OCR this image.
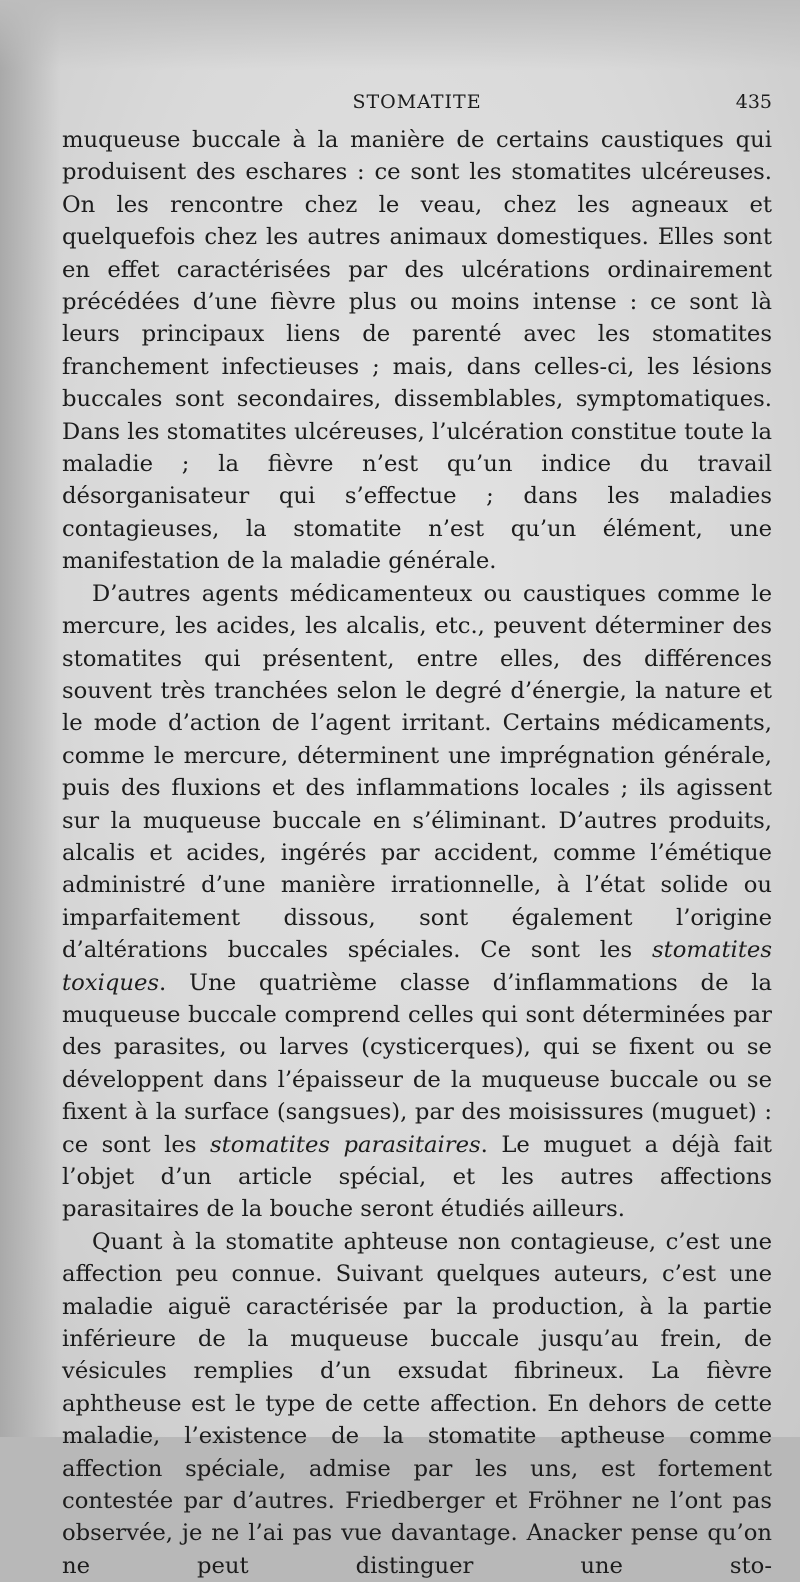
STOMATITE	435

muqueuse buccale à la manière de certains caustiques qui produisent des eschares : ce sont les stomatites ulcéreuses. On les rencontre chez le veau, chez les agneaux et quelquefois chez les autres animaux domestiques. Elles sont en effet caractérisées par des ulcérations ordinairement précédées d’une fièvre plus ou moins intense : ce sont là leurs principaux liens de parenté avec les stomatites franchement infectieuses ; mais, dans celles-ci, les lésions buccales sont secondaires, dissemblables, symptomatiques. Dans les stomatites ulcéreuses, l’ulcération constitue toute la maladie ; la fièvre n’est qu’un indice du travail désorganisateur qui s’effectue ; dans les maladies contagieuses, la stomatite n’est qu’un élément, une manifestation de la maladie générale.

D’autres agents médicamenteux ou caustiques comme le mercure, les acides, les alcalis, etc., peuvent déterminer des stomatites qui présentent, entre elles, des différences souvent très tranchées selon le degré d’énergie, la nature et le mode d’action de l’agent irritant. Certains médicaments, comme le mercure, déterminent une imprégnation générale, puis des fluxions et des inflammations locales ; ils agissent sur la muqueuse buccale en s’éliminant. D’autres produits, alcalis et acides, ingérés par accident, comme l’émétique administré d’une manière irrationnelle, à l’état solide ou imparfaitement dissous, sont également l’origine d’altérations buccales spéciales. Ce sont les stomatites toxiques. Une quatrième classe d’inflammations de la muqueuse buccale comprend celles qui sont déterminées par des parasites, ou larves (cysticerques), qui se fixent ou se développent dans l’épaisseur de la muqueuse buccale ou se fixent à la surface (sangsues), par des moisissures (muguet) : ce sont les stomatites parasitaires. Le muguet a déjà fait l’objet d’un article spécial, et les autres affections parasitaires de la bouche seront étudiés ailleurs.

Quant à la stomatite aphteuse non contagieuse, c’est une affection peu connue. Suivant quelques auteurs, c’est une maladie aiguë caractérisée par la production, à la partie inférieure de la muqueuse buccale jusqu’au frein, de vésicules remplies d’un exsudat fibrineux. La fièvre aphtheuse est le type de cette affection. En dehors de cette maladie, l’existence de la stomatite aptheuse comme affection spéciale, admise par les uns, est fortement contestée par d’autres. Friedberger et Fröhner ne l’ont pas observée, je ne l’ai pas vue davantage. Anacker pense qu’on ne peut distinguer une sto-
